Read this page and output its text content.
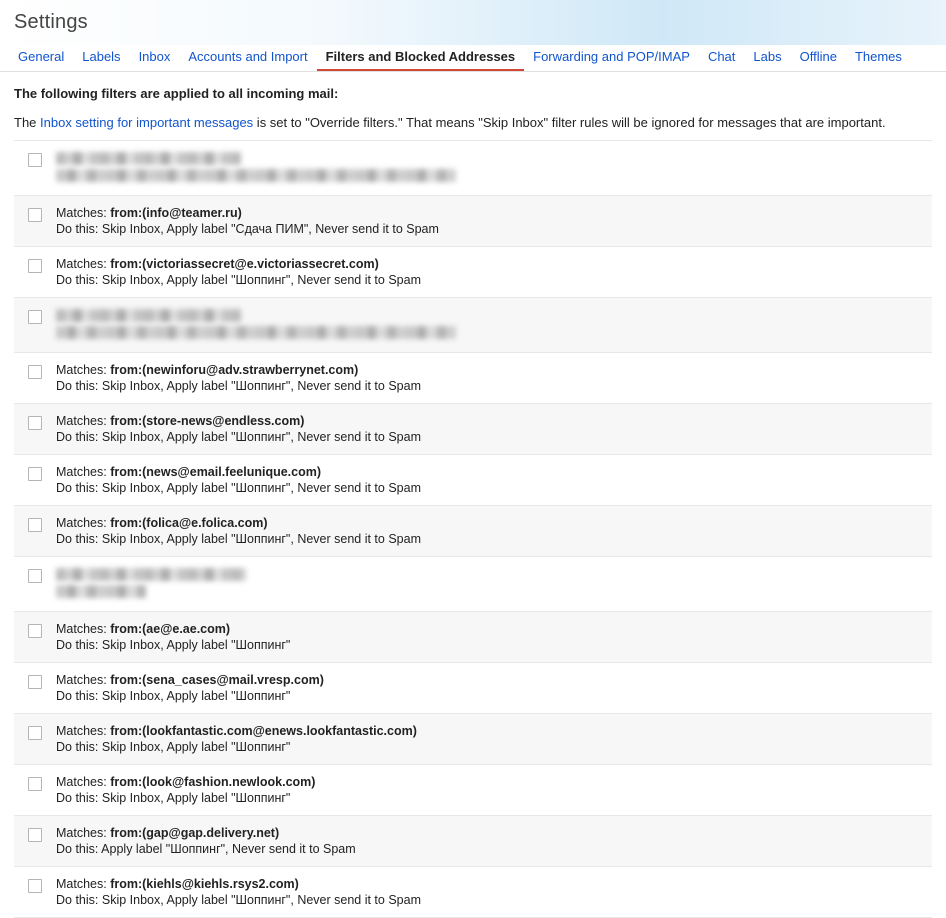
Settings
General	Labels	Inbox	Accounts and Import	Filters and Blocked Addresses	Forwarding and POP/IMAP	Chat	Labs	Offline	Themes
The following filters are applied to all incoming mail:
The Inbox setting for important messages is set to "Override filters." That means "Skip Inbox" filter rules will be ignored for messages that are important.
Matches: from:(info@teamer.ru)
Do this: Skip Inbox, Apply label "Сдача ПИМ", Never send it to Spam
Matches: from:(victoriassecret@e.victoriassecret.com)
Do this: Skip Inbox, Apply label "Шоппинг", Never send it to Spam
Matches: from:(newinforu@adv.strawberrynet.com)
Do this: Skip Inbox, Apply label "Шоппинг", Never send it to Spam
Matches: from:(store-news@endless.com)
Do this: Skip Inbox, Apply label "Шоппинг", Never send it to Spam
Matches: from:(news@email.feelunique.com)
Do this: Skip Inbox, Apply label "Шоппинг", Never send it to Spam
Matches: from:(folica@e.folica.com)
Do this: Skip Inbox, Apply label "Шоппинг", Never send it to Spam
Matches: from:(ae@e.ae.com)
Do this: Skip Inbox, Apply label "Шоппинг"
Matches: from:(sena_cases@mail.vresp.com)
Do this: Skip Inbox, Apply label "Шоппинг"
Matches: from:(lookfantastic.com@enews.lookfantastic.com)
Do this: Skip Inbox, Apply label "Шоппинг"
Matches: from:(look@fashion.newlook.com)
Do this: Skip Inbox, Apply label "Шоппинг"
Matches: from:(gap@gap.delivery.net)
Do this: Apply label "Шоппинг", Never send it to Spam
Matches: from:(kiehls@kiehls.rsys2.com)
Do this: Skip Inbox, Apply label "Шоппинг", Never send it to Spam
